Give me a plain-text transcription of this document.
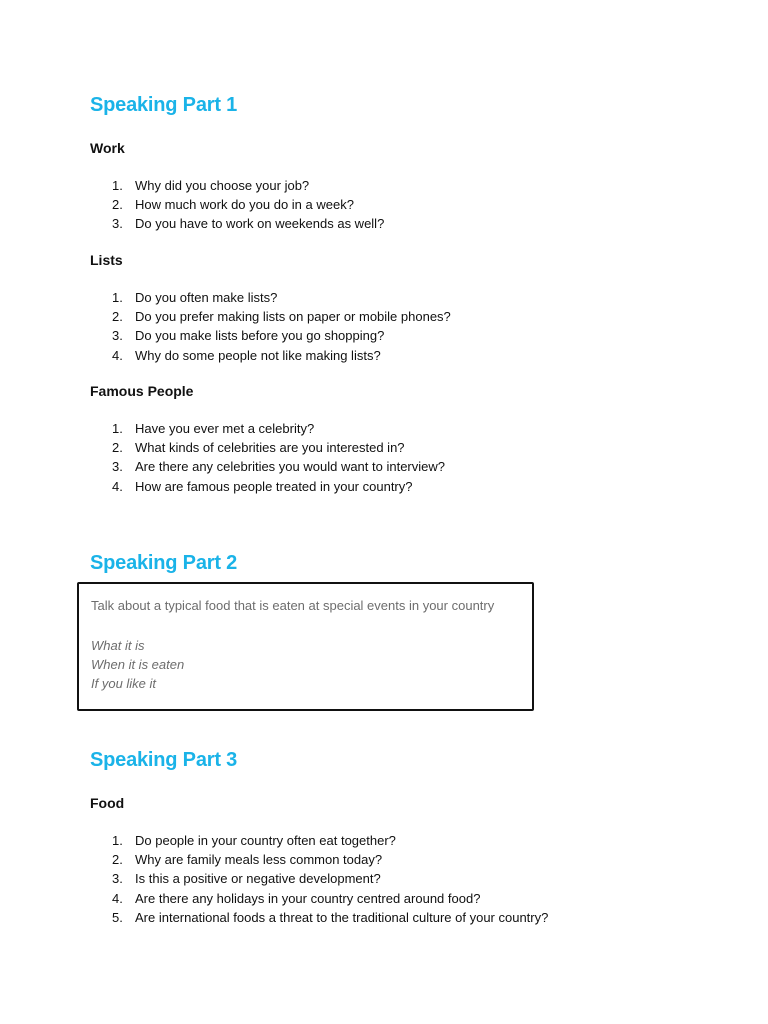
Speaking Part 1
Work
1. Why did you choose your job?
2. How much work do you do in a week?
3. Do you have to work on weekends as well?
Lists
1. Do you often make lists?
2. Do you prefer making lists on paper or mobile phones?
3. Do you make lists before you go shopping?
4. Why do some people not like making lists?
Famous People
1. Have you ever met a celebrity?
2. What kinds of celebrities are you interested in?
3. Are there any celebrities you would want to interview?
4. How are famous people treated in your country?
Speaking Part 2
Talk about a typical food that is eaten at special events in your country
What it is
When it is eaten
If you like it
Speaking Part 3
Food
1. Do people in your country often eat together?
2. Why are family meals less common today?
3. Is this a positive or negative development?
4. Are there any holidays in your country centred around food?
5. Are international foods a threat to the traditional culture of your country?
